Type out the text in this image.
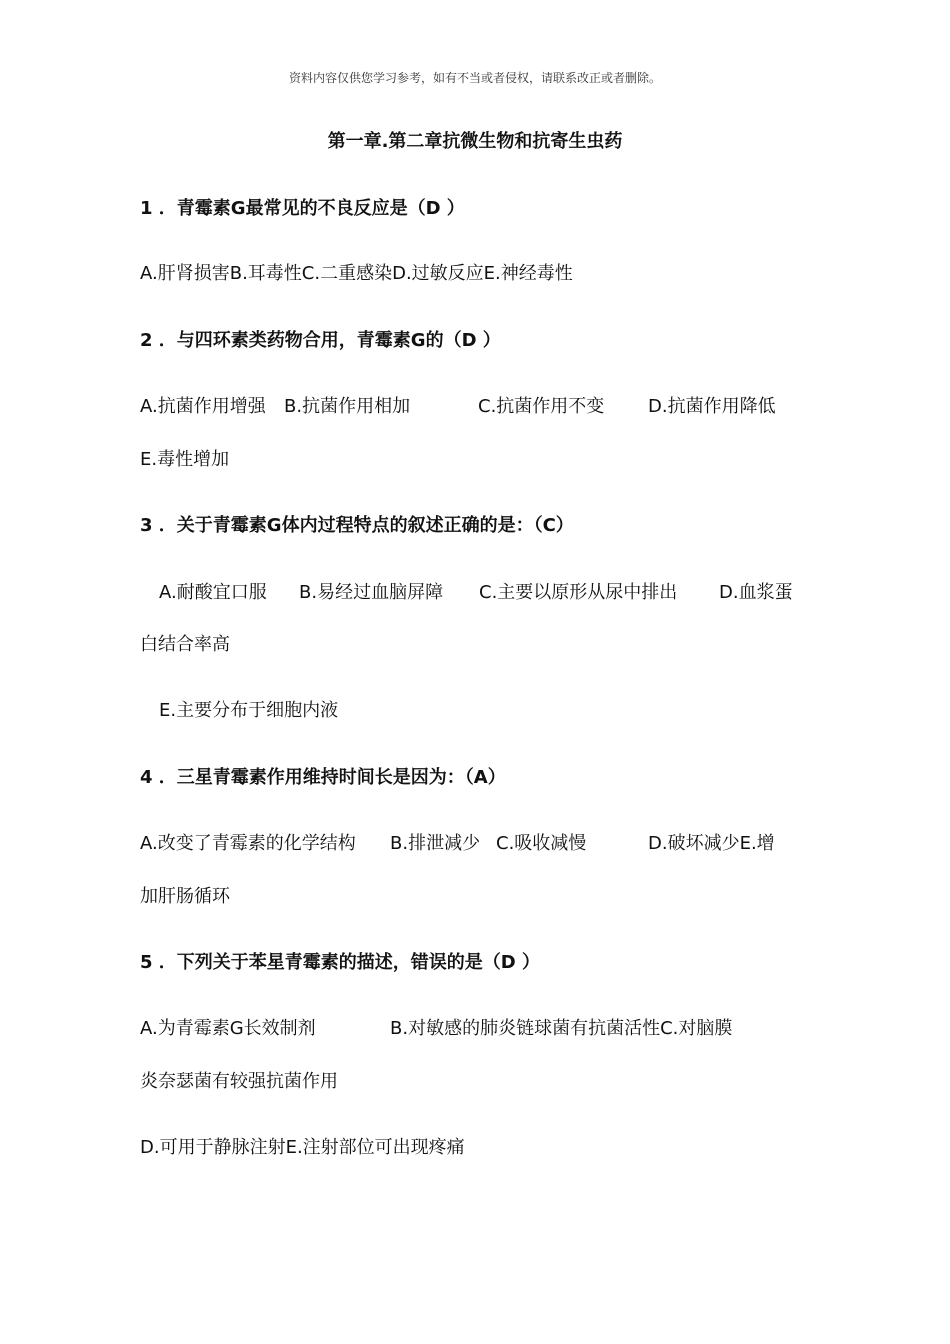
资料内容仅供您学习参考，如有不当或者侵权，请联系改正或者删除。

第一章.第二章抗微生物和抗寄生虫药

1 ．青霉素G最常见的不良反应是（D ）

A.肝肾损害B.耳毒性C.二重感染D.过敏反应E.神经毒性

2 ．与四环素类药物合用，青霉素G的（D ）

A.抗菌作用增强 B.抗菌作用相加	C.抗菌作用不变 D.抗菌作用降低

E.毒性增加

3 ．关于青霉素G体内过程特点的叙述正确的是：（C）

A.耐酸宜口服 B.易经过血脑屏障 C.主要以原形从尿中排出 D.血浆蛋

白结合率高

E.主要分布于细胞内液

4 ．三星青霉素作用维持时间长是因为：（A）

A.改变了青霉素的化学结构 B.排泄减少 C.吸收减慢	D.破坏减少E.增

加肝肠循环

5 ．下列关于苯星青霉素的描述，错误的是（D ）

A.为青霉素G长效制剂	B.对敏感的肺炎链球菌有抗菌活性C.对脑膜

炎奈瑟菌有较强抗菌作用

D.可用于静脉注射E.注射部位可出现疼痛
